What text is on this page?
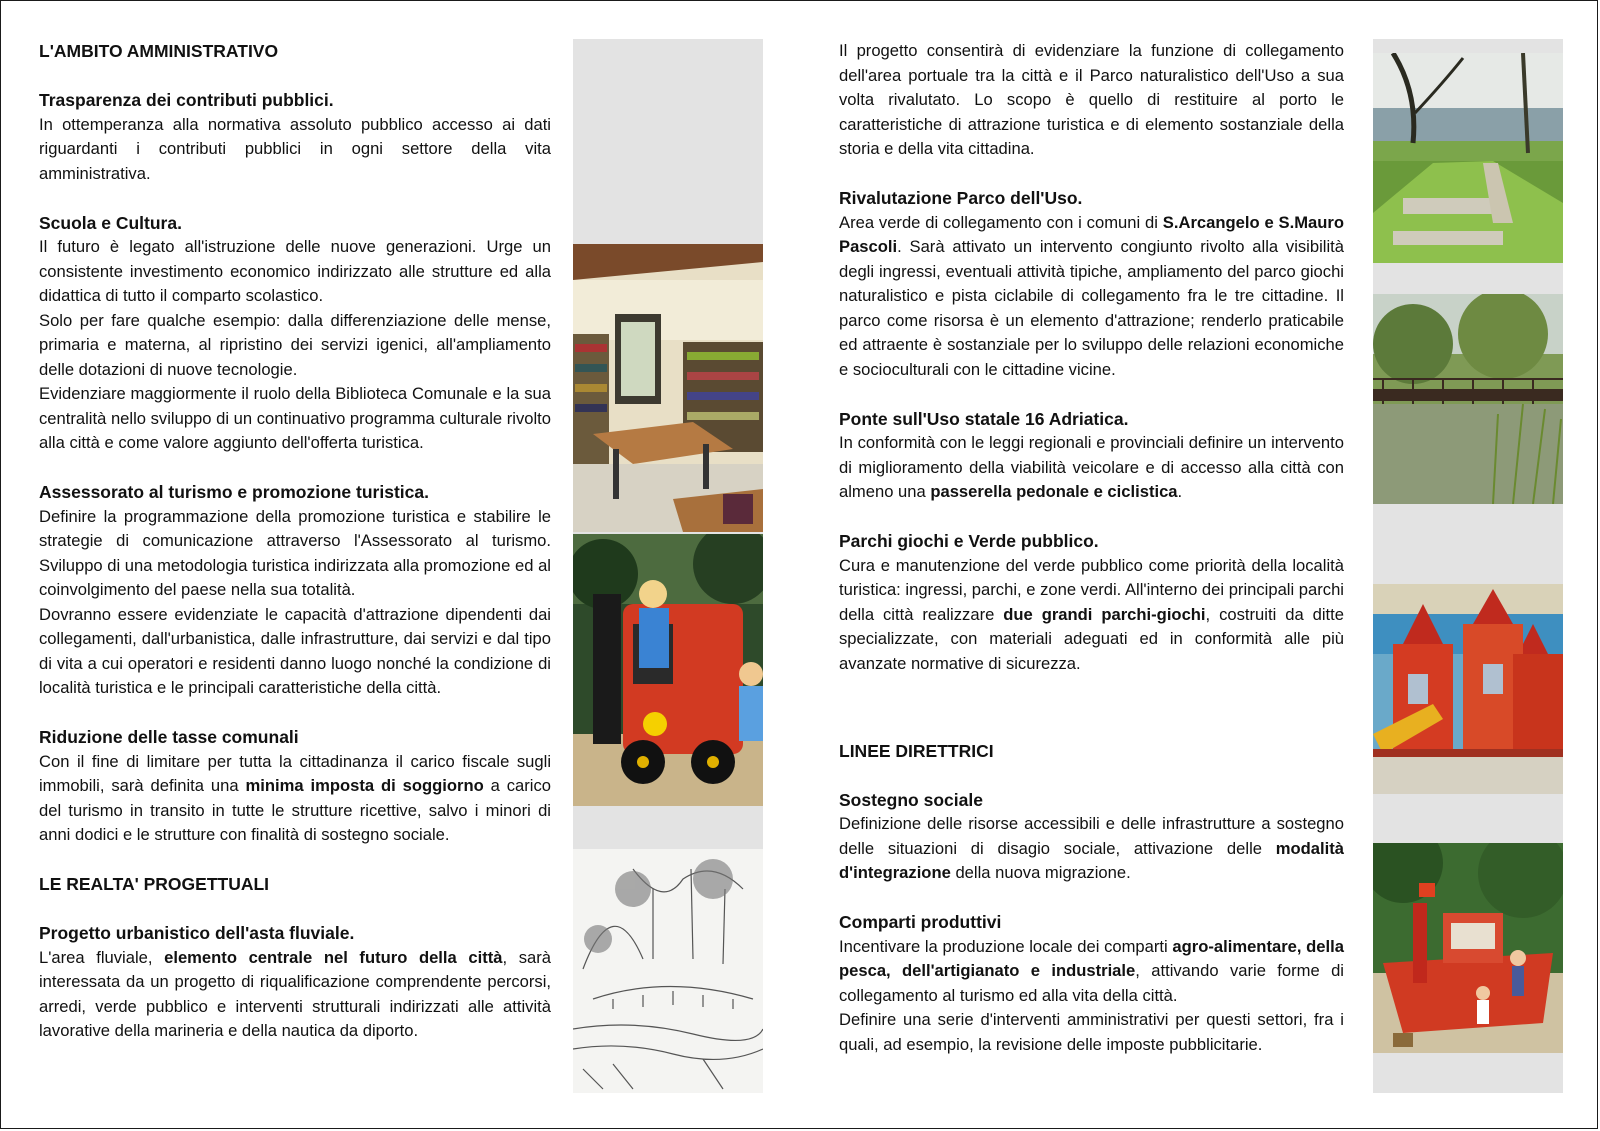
L'AMBITO AMMINISTRATIVO
Trasparenza dei contributi pubblici.

In ottemperanza alla normativa assoluto pubblico accesso ai dati riguardanti i contributi pubblici in ogni settore della vita amministrativa.

Scuola e Cultura.

Il futuro è legato all'istruzione delle nuove generazioni. Urge un consistente investimento economico indirizzato alle strutture ed alla didattica di tutto il comparto scolastico.

Solo per fare qualche esempio: dalla differenziazione delle mense, primaria e materna, al ripristino dei servizi igenici, all'ampliamento delle dotazioni di nuove tecnologie.

Evidenziare maggiormente il ruolo della Biblioteca Comunale e la sua centralità nello sviluppo di un continuativo programma culturale rivolto alla città e come valore aggiunto dell'offerta turistica.

Assessorato al turismo e promozione turistica.

Definire la programmazione della promozione turistica e stabilire le strategie di comunicazione attraverso l'Assessorato al turismo. Sviluppo di una metodologia turistica indirizzata alla promozione ed al coinvolgimento del paese nella sua totalità.

Dovranno essere evidenziate le capacità d'attrazione dipendenti dai collegamenti, dall'urbanistica, dalle infrastrutture, dai servizi e dal tipo di vita a cui operatori e residenti danno luogo nonché la condizione di località turistica e le principali caratteristiche della città.

Riduzione delle tasse comunali

Con il fine di limitare per tutta la cittadinanza il carico fiscale sugli immobili, sarà definita una minima imposta di soggiorno a carico del turismo in transito in tutte le strutture ricettive, salvo i minori di anni dodici e le strutture con finalità di sostegno sociale.

LE REALTA' PROGETTUALI
Progetto urbanistico dell'asta fluviale.

L'area fluviale, elemento centrale nel futuro della città, sarà interessata da un progetto di riqualificazione comprendente percorsi, arredi, verde pubblico e interventi strutturali indirizzati alle attività lavorative della marineria e della nautica da diporto.

Il progetto consentirà di evidenziare la funzione di collegamento dell'area portuale tra la città e il Parco naturalistico dell'Uso a sua volta rivalutato. Lo scopo è quello di restituire al porto le caratteristiche di attrazione turistica e di elemento sostanziale della storia e della vita cittadina.

Rivalutazione Parco dell'Uso.

Area verde di collegamento con i comuni di S.Arcangelo e S.Mauro Pascoli. Sarà attivato un intervento congiunto rivolto alla visibilità degli ingressi, eventuali attività tipiche, ampliamento del parco giochi naturalistico e pista ciclabile di collegamento fra le tre cittadine. Il parco come risorsa è un elemento d'attrazione; renderlo praticabile ed attraente è sostanziale per lo sviluppo delle relazioni economiche e socioculturali con le cittadine vicine.

Ponte sull'Uso statale 16 Adriatica.

In conformità con le leggi regionali e provinciali definire un intervento di miglioramento della viabilità veicolare e di accesso alla città con almeno una passerella pedonale e ciclistica.

Parchi giochi e Verde pubblico.

Cura e manutenzione del verde pubblico come priorità della località turistica: ingressi, parchi, e zone verdi. All'interno dei principali parchi della città realizzare due grandi parchi-giochi, costruiti da ditte specializzate, con materiali adeguati ed in conformità alle più avanzate normative di sicurezza.

LINEE DIRETTRICI
Sostegno sociale

Definizione delle risorse accessibili e delle infrastrutture a sostegno delle situazioni di disagio sociale, attivazione delle modalità d'integrazione della nuova migrazione.

Comparti produttivi

Incentivare la produzione locale dei comparti agro-alimentare, della pesca, dell'artigianato e industriale, attivando varie forme di collegamento al turismo ed alla vita della città.

Definire una serie d'interventi amministrativi per questi settori, fra i quali, ad esempio, la revisione delle imposte pubblicitarie.
